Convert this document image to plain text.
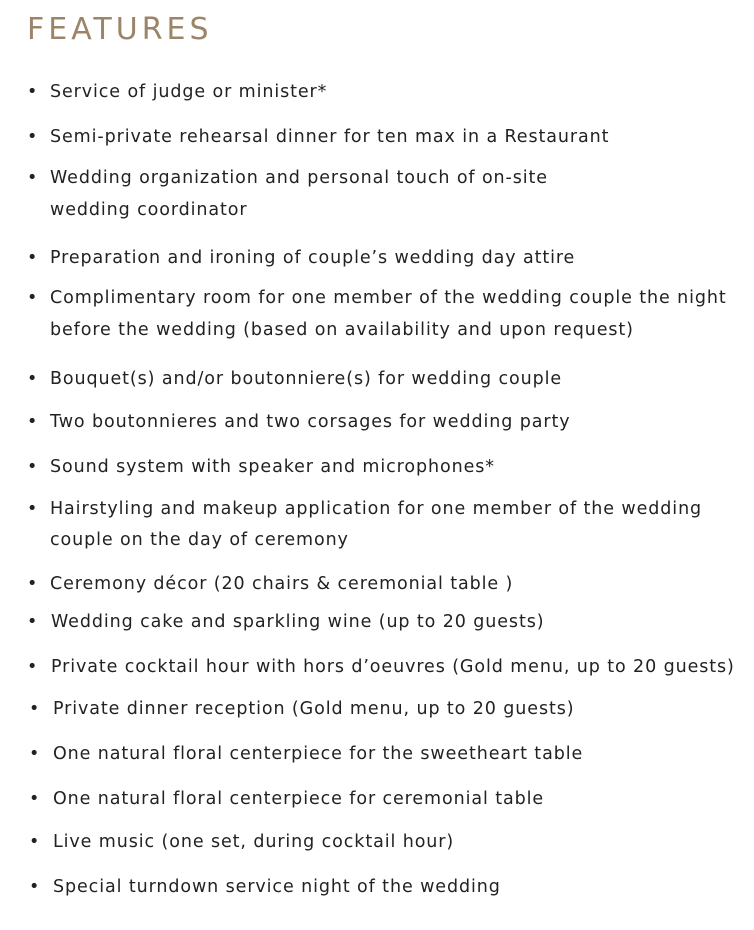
FEATURES
• Service of judge or minister*
• Semi-private rehearsal dinner for ten max in a Restaurant
• Wedding organization and personal touch of on-site
wedding coordinator
• Preparation and ironing of couple’s wedding day attire
• Complimentary room for one member of the wedding couple the night
before the wedding (based on availability and upon request)
• Bouquet(s) and/or boutonniere(s) for wedding couple
• Two boutonnieres and two corsages for wedding party
• Sound system with speaker and microphones*
• Hairstyling and makeup application for one member of the wedding
couple on the day of ceremony
• Ceremony décor (20 chairs & ceremonial table )
• Wedding cake and sparkling wine (up to 20 guests)
• Private cocktail hour with hors d’oeuvres (Gold menu, up to 20 guests)
• Private dinner reception (Gold menu, up to 20 guests)
• One natural floral centerpiece for the sweetheart table
• One natural floral centerpiece for ceremonial table
• Live music (one set, during cocktail hour)
• Special turndown service night of the wedding
